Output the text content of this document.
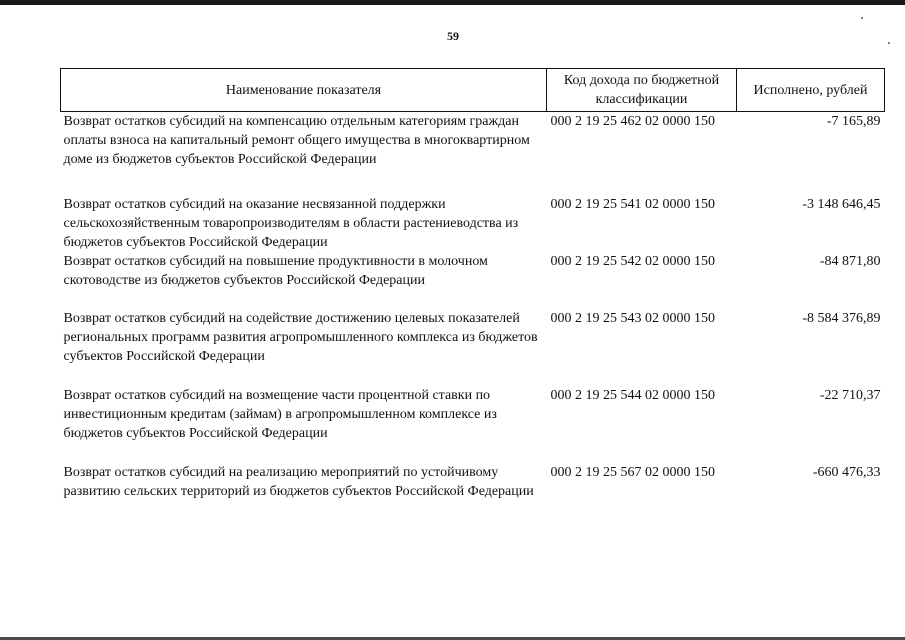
59
Наименование показателя	Код дохода по бюджетной классификации	Исполнено, рублей
Возврат остатков субсидий на компенсацию отдельным категориям граждан оплаты взноса на капитальный ремонт общего имущества в многоквартирном доме из бюджетов субъектов Российской Федерации	000 2 19 25 462 02 0000 150	-7 165,89
Возврат остатков субсидий на оказание несвязанной поддержки сельскохозяйственным товаропроизводителям в области растениеводства из бюджетов субъектов Российской Федерации	000 2 19 25 541 02 0000 150	-3 148 646,45
Возврат остатков субсидий на повышение продуктивности в молочном скотоводстве из бюджетов субъектов Российской Федерации	000 2 19 25 542 02 0000 150	-84 871,80
Возврат остатков субсидий на содействие достижению целевых показателей региональных программ развития агропромышленного комплекса из бюджетов субъектов Российской Федерации	000 2 19 25 543 02 0000 150	-8 584 376,89
Возврат остатков субсидий на возмещение части процентной ставки по инвестиционным кредитам (займам) в агропромышленном комплексе из бюджетов субъектов Российской Федерации	000 2 19 25 544 02 0000 150	-22 710,37
Возврат остатков субсидий на реализацию мероприятий по устойчивому развитию сельских территорий из бюджетов субъектов Российской Федерации	000 2 19 25 567 02 0000 150	-660 476,33
